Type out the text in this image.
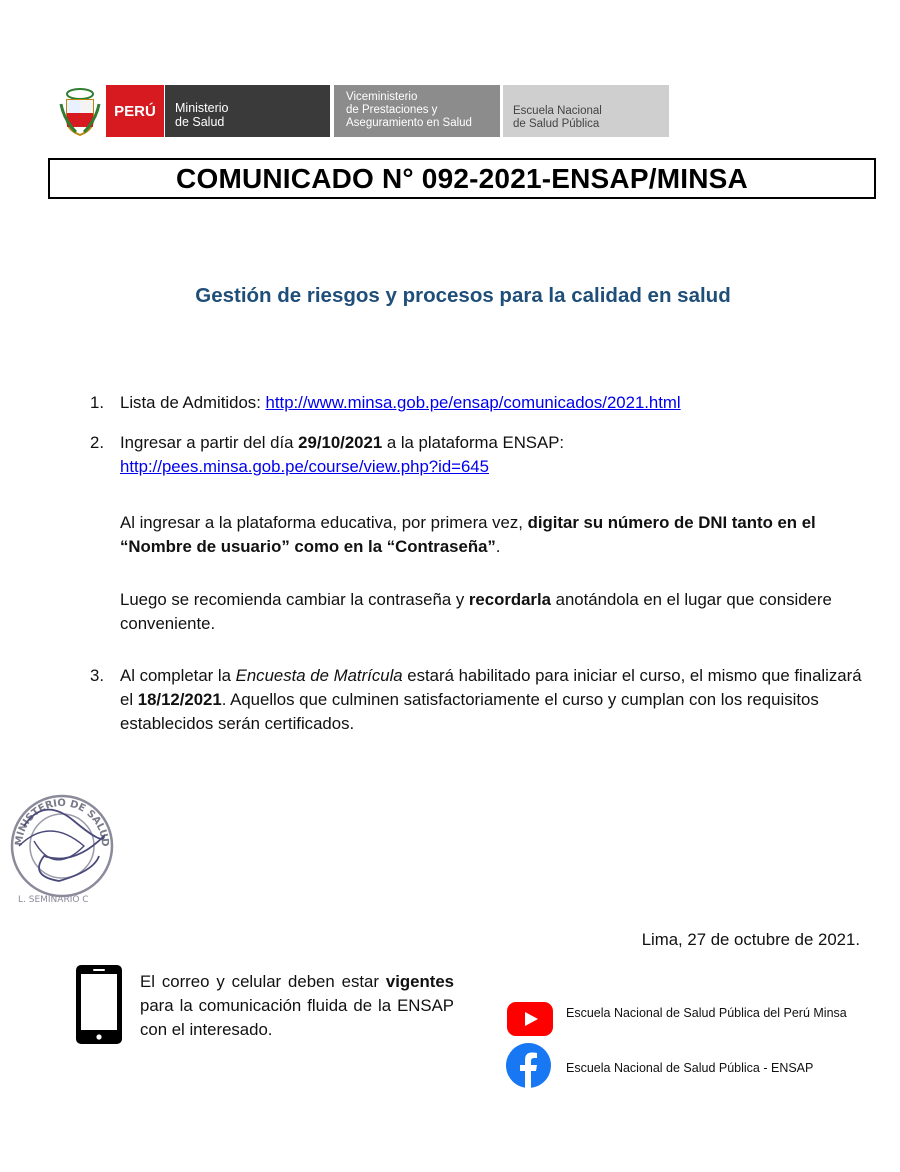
PERÚ Ministerio
de Salud
Viceministerio
de Prestaciones y
Aseguramiento en Salud
Escuela Nacional
de Salud Pública
COMUNICADO N° 092-2021-ENSAP/MINSA
Gestión de riesgos y procesos para la calidad en salud
1. Lista de Admitidos: http://www.minsa.gob.pe/ensap/comunicados/2021.html
2. Ingresar a partir del día 29/10/2021 a la plataforma ENSAP:
http://pees.minsa.gob.pe/course/view.php?id=645
Al ingresar a la plataforma educativa, por primera vez, digitar su número de DNI tanto en el “Nombre de usuario” como en la “Contraseña”.
Luego se recomienda cambiar la contraseña y recordarla anotándola en el lugar que considere conveniente.
3. Al completar la Encuesta de Matrícula estará habilitado para iniciar el curso, el mismo que finalizará el 18/12/2021. Aquellos que culminen satisfactoriamente el curso y cumplan con los requisitos establecidos serán certificados.
MINISTERIO DE SALUD
L. SEMINARIO C
Lima, 27 de octubre de 2021.
El correo y celular deben estar vigentes para la comunicación fluida de la ENSAP con el interesado.
Escuela Nacional de Salud Pública del Perú Minsa
Escuela Nacional de Salud Pública - ENSAP
